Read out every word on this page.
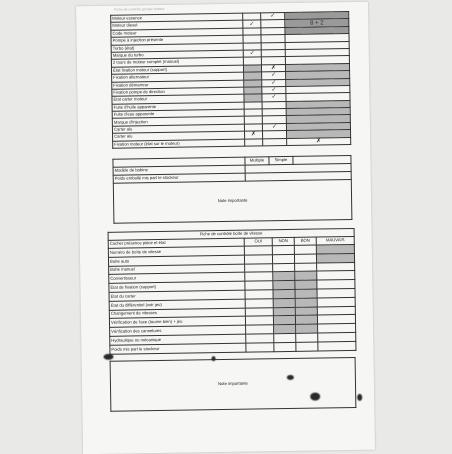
Fiche de contrôle groupe moteur
Moteur essence		✓	
Moteur diesel	✓		8 + 2
Code moteur			
Pompe à injection présente			
Turbo (état)			
Marque du turbo	✓		
2 tours de moteur complet (manuel)			
État fixation moteur (support)		✗	
Fixation alternateur		✓	
Fixation démarreur		✓	
Fixation pompe de direction		✓	
État carter moteur		✓	
Fuite d'huile apparente			
Fuite d'eau apparente			
Marque d'injection			
Carter alu		✓	
Carter alu	✗		
Fixation moteur (état sur le moteur)			✗
	Multiple	Simple	
Modèle de bobine			
Poids emballé mis part le stockeur			
Note importante			
Fiche de contrôle boîte de vitesse				
Cocher présence pièce et état	OUI	NON	BON	MAUVAIS
Numéro de boîte de vitesse				
Boîte auto				
Boîte manuel				
Convertisseur				
État de fixation (support)				
État du carter				
État du différentiel (voir jeu)				
Changement de vitesses				
Vérification de l'axe (tourne bien) + jeu				
Vérification des cannelures				
Hydraulique ou mécanique				
Poids mis part le stockeur				
Note importante
